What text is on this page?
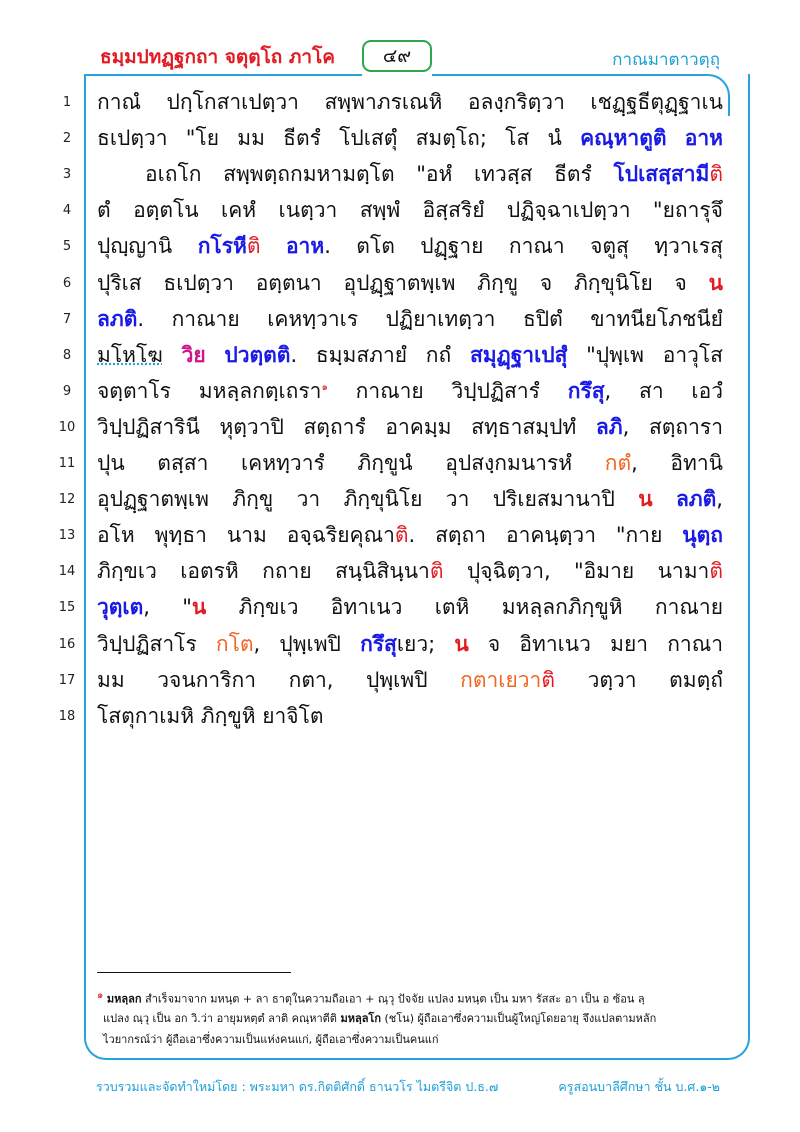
ธมฺมปทฏฺฐกถา จตุตฺโถ ภาโค	๔๙	กาณมาตาวตฺถุ
1	กาณํ ปกฺโกสาเปตฺวา สพฺพาภรเณหิ อลงฺกริตฺวา เชฏฺฐธีตุฏฺฐาเน
2	ธเปตฺวา "โย มม ธีตรํ โปเสตุํ สมตฺโถ; โส นํ คณฺหาตูติ อาห
3	อเถโก สพฺพตฺถกมหามตฺโต "อหํ เทวสฺส ธีตรํ โปเสสฺสามีติ
4	ตํ อตฺตโน เคหํ เนตฺวา สพฺพํ อิสฺสริยํ ปฏิจฺฉาเปตฺวา "ยถารุจึ
5	ปุญฺญานิ กโรหีติ อาห. ตโต ปฏฺฐาย กาณา จตูสุ ทฺวาเรสุ
6	ปุริเส ธเปตฺวา อตฺตนา อุปฏฺฐาตพฺเพ ภิกฺขู จ ภิกฺขุนิโย จ น
7	ลภติ. กาณาย เคหทฺวาเร ปฏิยาเทตฺวา ธปิตํ ขาทนียโภชนียํ
8	มโหโฆ วิย ปวตฺตติ. ธมฺมสภายํ กถํ สมุฏฺฐาเปสุํ "ปุพฺเพ อาวุโส
9	จตฺตาโร มหลฺลกตฺเถรา$^๑$ กาณาย วิปฺปฏิสารํ กรึสุ, สา เอวํ
10 วิปฺปฏิสารินี หุตฺวาปิ สตฺถารํ อาคมฺม สทฺธาสมฺปทํ ลภิ, สตฺถารา
11 ปุน ตสฺสา เคหทฺวารํ ภิกฺขูนํ อุปสงฺกมนารหํ กตํ, อิทานิ
12 อุปฏฺฐาตพฺเพ ภิกฺขู วา ภิกฺขุนิโย วา ปริเยสมานาปิ น ลภติ,
13 อโห พุทฺธา นาม อจฺฉริยคุณาติ. สตฺถา อาคนฺตฺวา "กาย นุตฺถ
14 ภิกฺขเว เอตรหิ กถาย สนฺนิสินฺนาติ ปุจฺฉิตฺวา, "อิมาย นามาติ
15 วุตฺเต, "น ภิกฺขเว อิทาเนว เตหิ มหลฺลกภิกฺขูหิ กาณาย
16 วิปฺปฏิสาโร กโต, ปุพฺเพปิ กรึสุเยว; น จ อิทาเนว มยา กาณา
17 มม วจนการิกา กตา, ปุพฺเพปิ กตาเยวาติ วตฺวา ตมตฺถํ
18 โสตุกาเมหิ ภิกฺขูหิ ยาจิโต
$^๑$ มหลฺลก สำเร็จมาจาก มหนฺต + ลา ธาตุในความถือเอา + ณฺวุ ปัจจัย แปลง มหนฺต เป็น มหา รัสสะ อา เป็น อ ซ้อน ลฺ
แปลง ณฺวุ เป็น อก วิ.ว่า อายุมหตฺตํ ลาติ คณฺหาตีติ มหลฺลโก (ชโน) ผู้ถือเอาซึ่งความเป็นผู้ใหญ่โดยอายุ จึงแปลตามหลัก
ไวยากรณ์ว่า ผู้ถือเอาซึ่งความเป็นแห่งคนแก่, ผู้ถือเอาซึ่งความเป็นคนแก่
รวบรวมและจัดทำใหม่โดย : พระมหา ดร.กิตติศักดิ์ ธานวโร ไมตรีจิต ป.ธ.๗	ครูสอนบาลีศึกษา ชั้น บ.ศ.๑-๒
